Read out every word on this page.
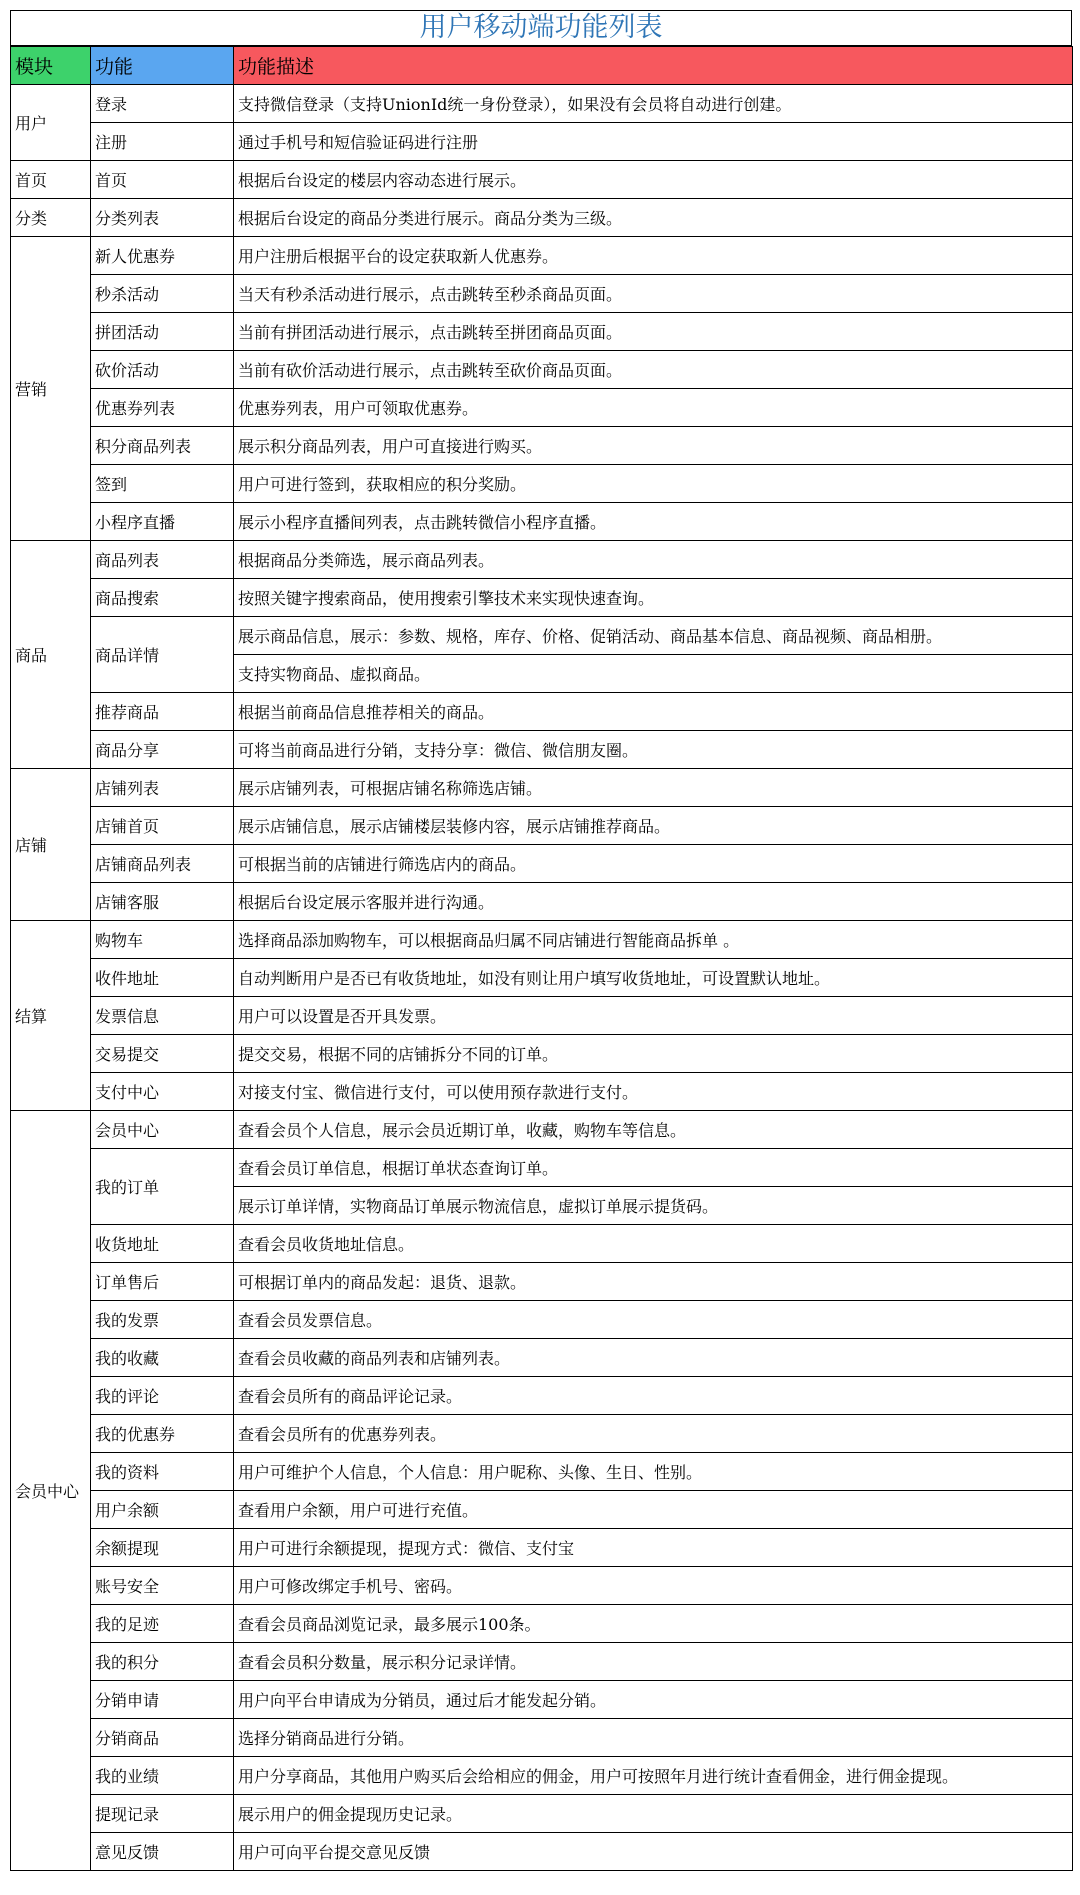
用户移动端功能列表
模块	功能	功能描述
用户	登录	支持微信登录（支持UnionId统一身份登录），如果没有会员将自动进行创建。
	注册	通过手机号和短信验证码进行注册
首页	首页	根据后台设定的楼层内容动态进行展示。
分类	分类列表	根据后台设定的商品分类进行展示。商品分类为三级。
营销	新人优惠券	用户注册后根据平台的设定获取新人优惠券。
	秒杀活动	当天有秒杀活动进行展示，点击跳转至秒杀商品页面。
	拼团活动	当前有拼团活动进行展示，点击跳转至拼团商品页面。
	砍价活动	当前有砍价活动进行展示，点击跳转至砍价商品页面。
	优惠券列表	优惠券列表，用户可领取优惠券。
	积分商品列表	展示积分商品列表，用户可直接进行购买。
	签到	用户可进行签到，获取相应的积分奖励。
	小程序直播	展示小程序直播间列表，点击跳转微信小程序直播。
商品	商品列表	根据商品分类筛选，展示商品列表。
	商品搜索	按照关键字搜索商品，使用搜索引擎技术来实现快速查询。
	商品详情	展示商品信息，展示：参数、规格，库存、价格、促销活动、商品基本信息、商品视频、商品相册。
		支持实物商品、虚拟商品。
	推荐商品	根据当前商品信息推荐相关的商品。
	商品分享	可将当前商品进行分销，支持分享：微信、微信朋友圈。
店铺	店铺列表	展示店铺列表，可根据店铺名称筛选店铺。
	店铺首页	展示店铺信息，展示店铺楼层装修内容，展示店铺推荐商品。
	店铺商品列表	可根据当前的店铺进行筛选店内的商品。
	店铺客服	根据后台设定展示客服并进行沟通。
结算	购物车	选择商品添加购物车，可以根据商品归属不同店铺进行智能商品拆单 。
	收件地址	自动判断用户是否已有收货地址，如没有则让用户填写收货地址，可设置默认地址。
	发票信息	用户可以设置是否开具发票。
	交易提交	提交交易，根据不同的店铺拆分不同的订单。
	支付中心	对接支付宝、微信进行支付，可以使用预存款进行支付。
会员中心	会员中心	查看会员个人信息，展示会员近期订单，收藏，购物车等信息。
	我的订单	查看会员订单信息，根据订单状态查询订单。
		展示订单详情，实物商品订单展示物流信息，虚拟订单展示提货码。
	收货地址	查看会员收货地址信息。
	订单售后	可根据订单内的商品发起：退货、退款。
	我的发票	查看会员发票信息。
	我的收藏	查看会员收藏的商品列表和店铺列表。
	我的评论	查看会员所有的商品评论记录。
	我的优惠券	查看会员所有的优惠券列表。
	我的资料	用户可维护个人信息，个人信息：用户昵称、头像、生日、性别。
	用户余额	查看用户余额，用户可进行充值。
	余额提现	用户可进行余额提现，提现方式：微信、支付宝
	账号安全	用户可修改绑定手机号、密码。
	我的足迹	查看会员商品浏览记录，最多展示100条。
	我的积分	查看会员积分数量，展示积分记录详情。
	分销申请	用户向平台申请成为分销员，通过后才能发起分销。
	分销商品	选择分销商品进行分销。
	我的业绩	用户分享商品，其他用户购买后会给相应的佣金，用户可按照年月进行统计查看佣金，进行佣金提现。
	提现记录	展示用户的佣金提现历史记录。
	意见反馈	用户可向平台提交意见反馈
